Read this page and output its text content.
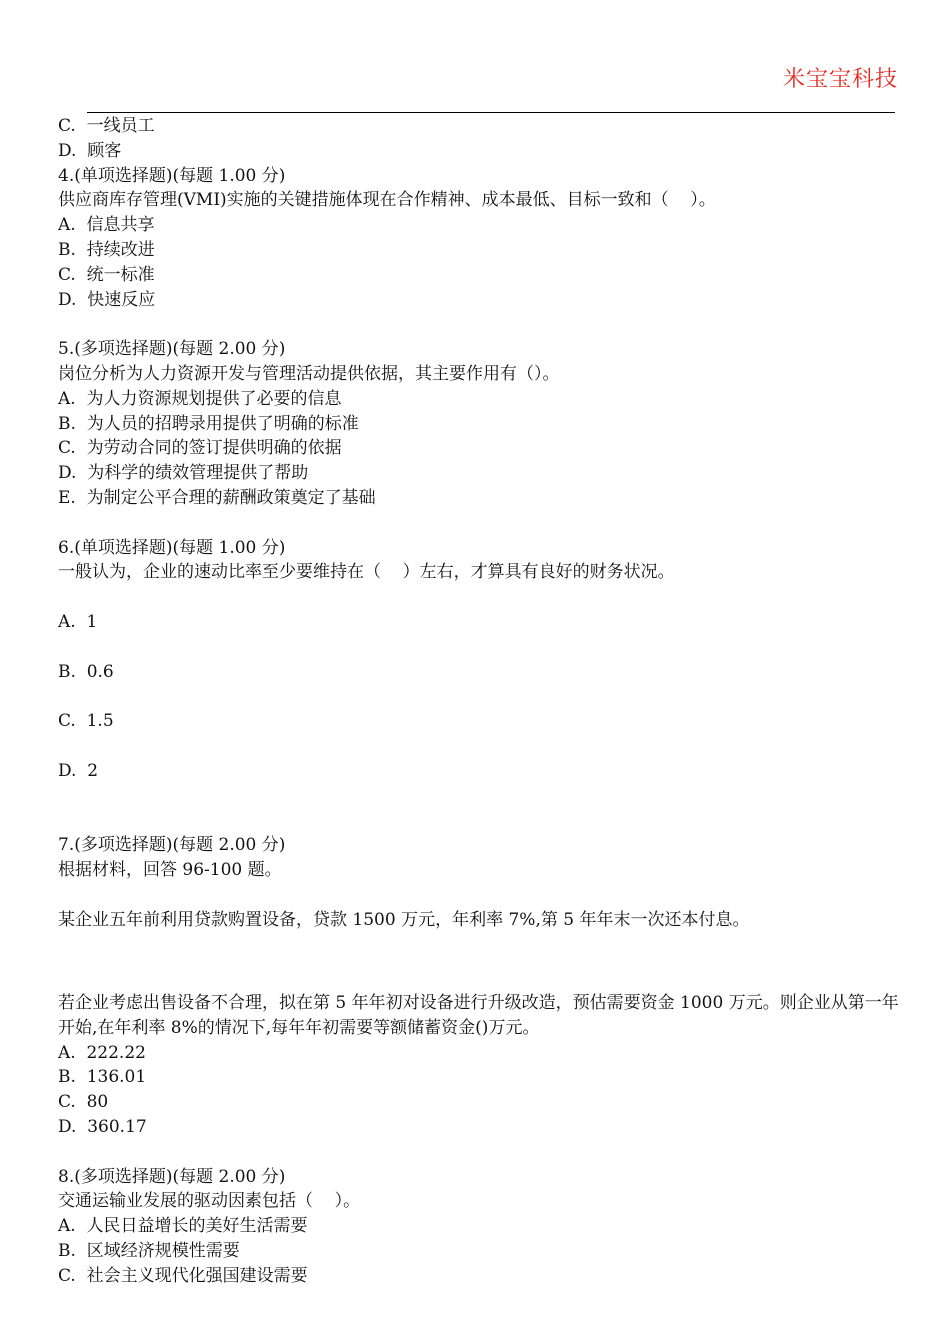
米宝宝科技
C.  一线员工
D.  顾客
4.(单项选择题)(每题 1.00 分)
供应商库存管理(VMI)实施的关键措施体现在合作精神、成本最低、目标一致和（    ）。
A.  信息共享
B.  持续改进
C.  统一标准
D.  快速反应
5.(多项选择题)(每题 2.00 分)
岗位分析为人力资源开发与管理活动提供依据，其主要作用有（）。
A.  为人力资源规划提供了必要的信息
B.  为人员的招聘录用提供了明确的标准
C.  为劳动合同的签订提供明确的依据
D.  为科学的绩效管理提供了帮助
E.  为制定公平合理的薪酬政策奠定了基础
6.(单项选择题)(每题 1.00 分)
一般认为，企业的速动比率至少要维持在（    ）左右，才算具有良好的财务状况。
A.  1
B.  0.6
C.  1.5
D.  2
7.(多项选择题)(每题 2.00 分)
根据材料，回答 96-100 题。
某企业五年前利用贷款购置设备，贷款 1500 万元，年利率 7%,第 5 年年末一次还本付息。
若企业考虑出售设备不合理，拟在第 5 年年初对设备进行升级改造，预估需要资金 1000 万元。则企业从第一年开始,在年利率 8%的情况下,每年年初需要等额储蓄资金()万元。
A.  222.22
B.  136.01
C.  80
D.  360.17
8.(多项选择题)(每题 2.00 分)
交通运输业发展的驱动因素包括（    ）。
A.  人民日益增长的美好生活需要
B.  区域经济规模性需要
C.  社会主义现代化强国建设需要
